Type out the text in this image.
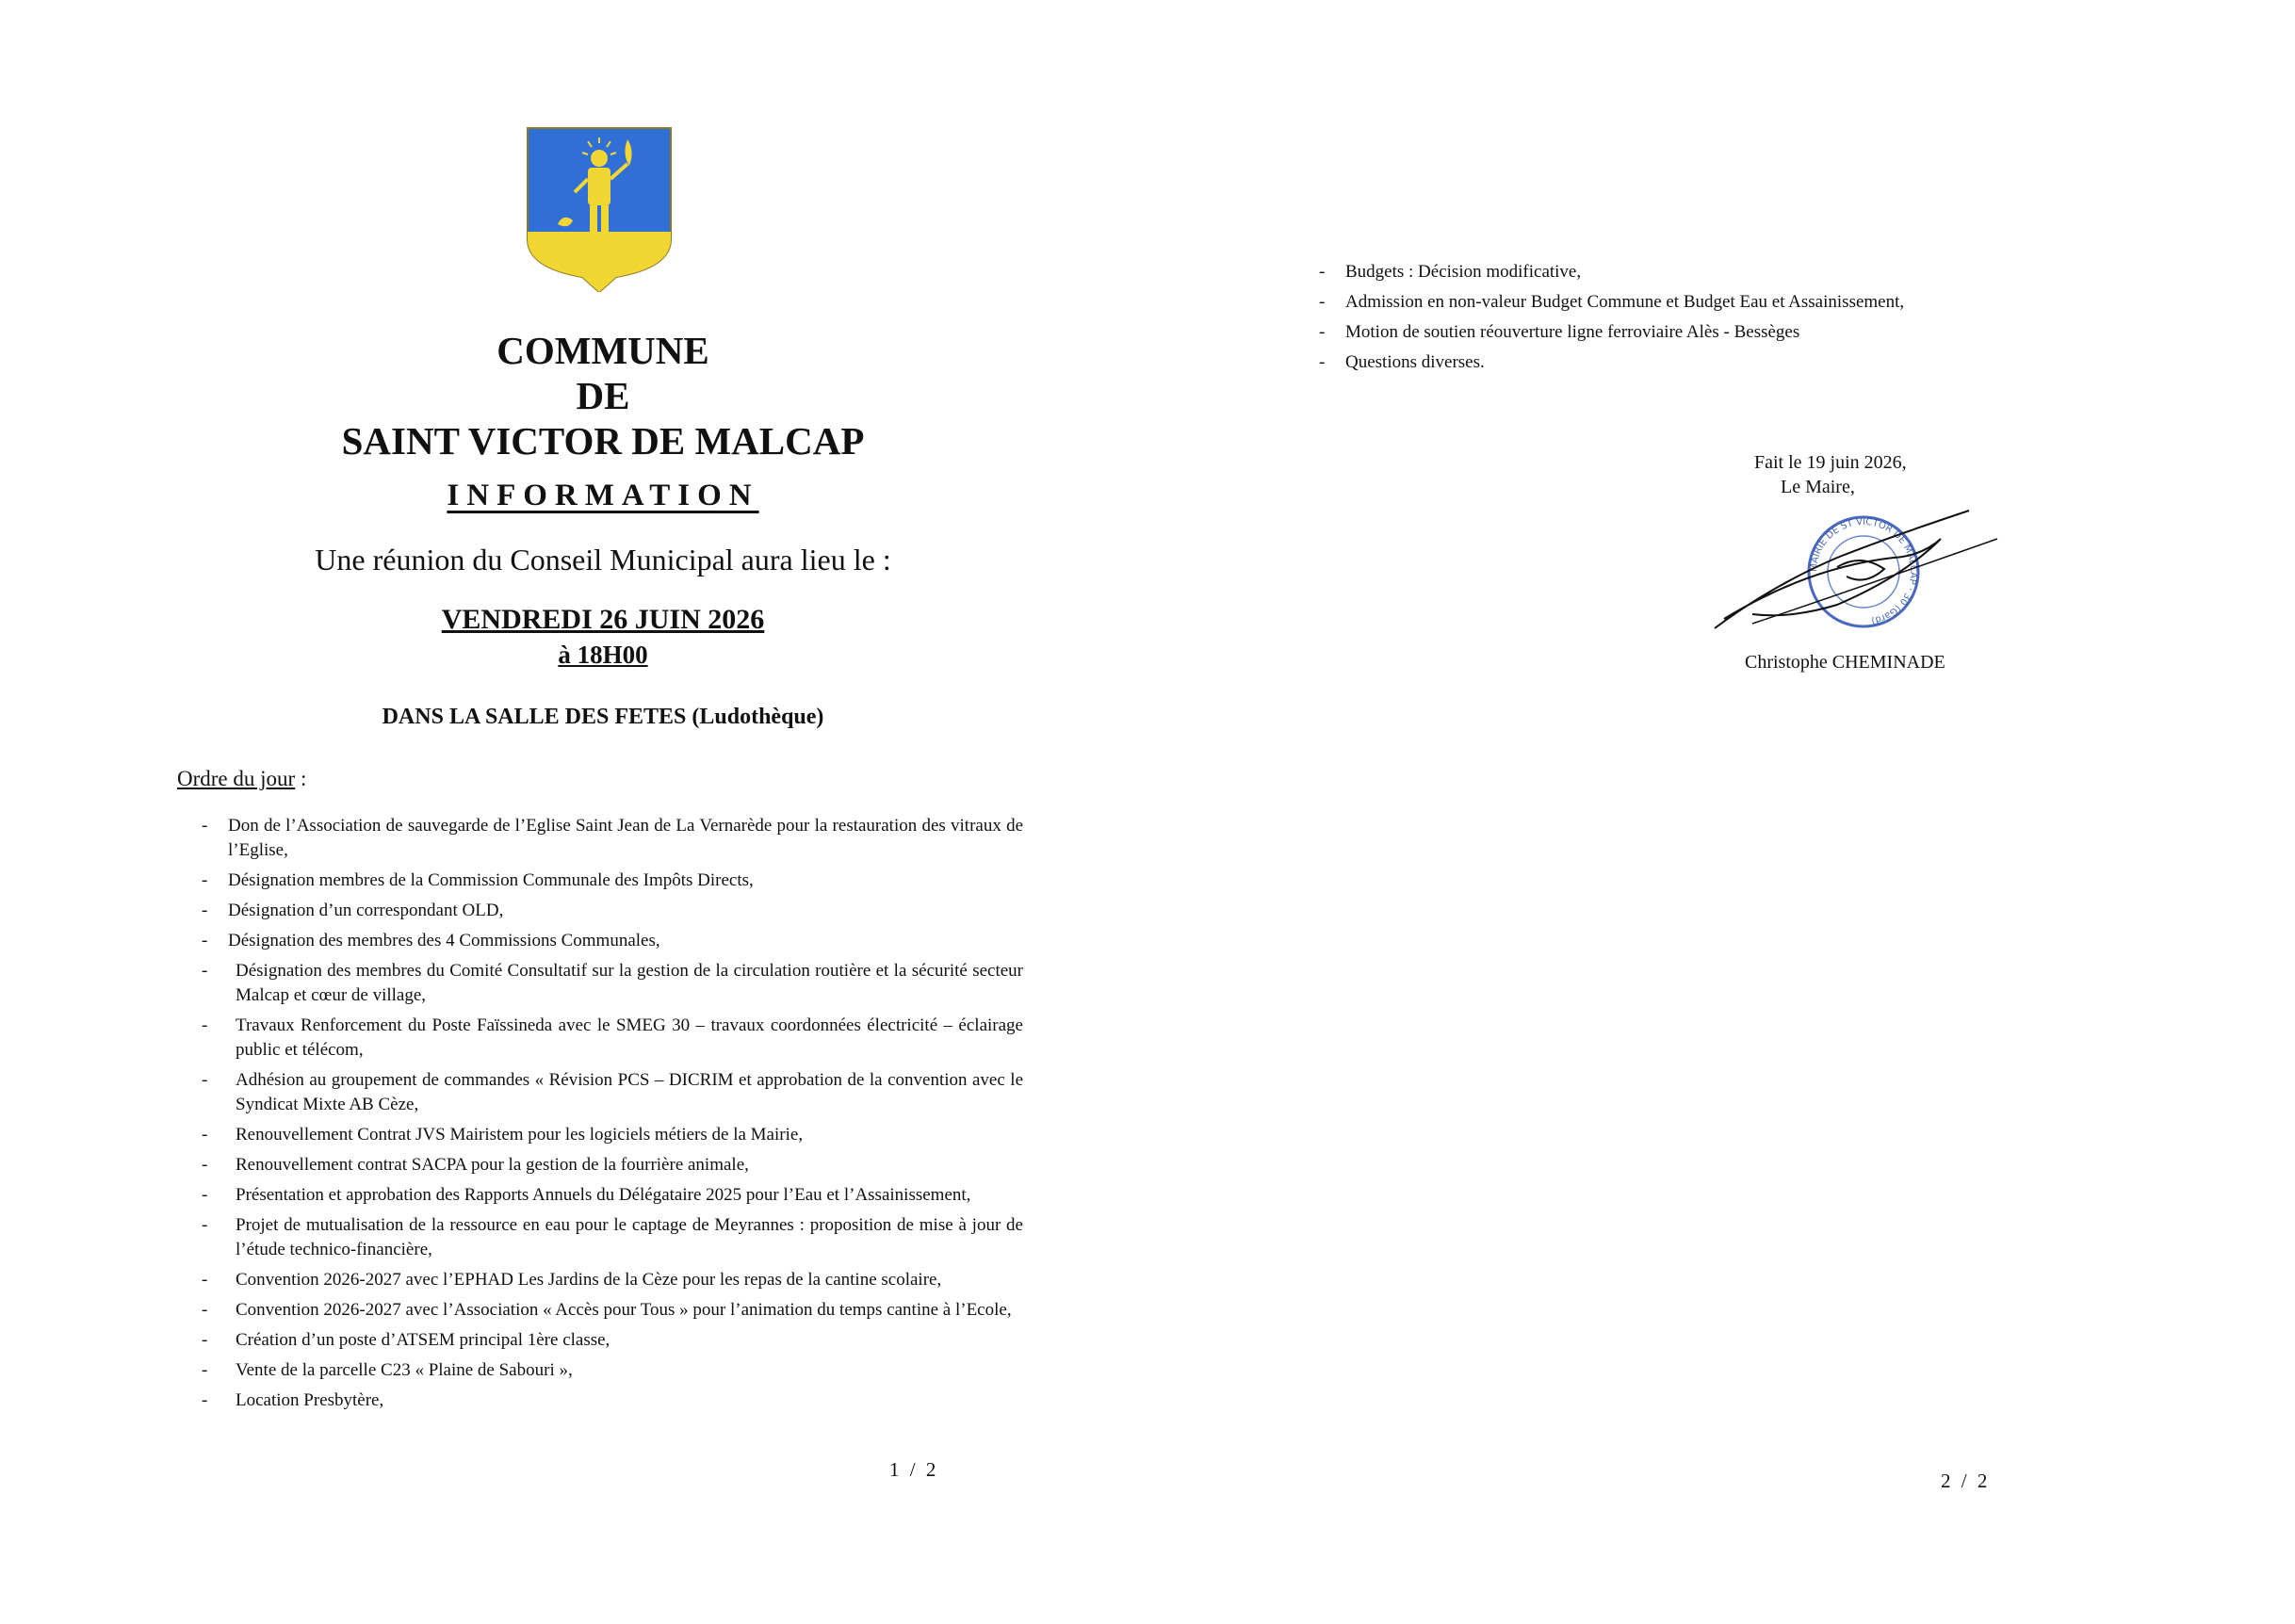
COMMUNE
DE
SAINT VICTOR DE MALCAP
INFORMATION
Une réunion du Conseil Municipal aura lieu le :
VENDREDI 26 JUIN 2026
à 18H00
DANS LA SALLE DES FETES (Ludothèque)
Ordre du jour :
- Don de l’Association de sauvegarde de l’Eglise Saint Jean de La Vernarède pour la restauration des vitraux de l’Eglise,
- Désignation membres de la Commission Communale des Impôts Directs,
- Désignation d’un correspondant OLD,
- Désignation des membres des 4 Commissions Communales,
- Désignation des membres du Comité Consultatif sur la gestion de la circulation routière et la sécurité secteur Malcap et cœur de village,
- Travaux Renforcement du Poste Faïssineda avec le SMEG 30 – travaux coordonnées électricité – éclairage public et télécom,
- Adhésion au groupement de commandes « Révision PCS – DICRIM et approbation de la convention avec le Syndicat Mixte AB Cèze,
- Renouvellement Contrat JVS Mairistem pour les logiciels métiers de la Mairie,
- Renouvellement contrat SACPA pour la gestion de la fourrière animale,
- Présentation et approbation des Rapports Annuels du Délégataire 2025 pour l’Eau et l’Assainissement,
- Projet de mutualisation de la ressource en eau pour le captage de Meyrannes : proposition de mise à jour de l’étude technico-financière,
- Convention 2026-2027 avec l’EPHAD Les Jardins de la Cèze pour les repas de la cantine scolaire,
- Convention 2026-2027 avec l’Association « Accès pour Tous » pour l’animation du temps cantine à l’Ecole,
- Création d’un poste d’ATSEM principal 1ère classe,
- Vente de la parcelle C23 « Plaine de Sabouri »,
- Location Presbytère,
1 / 2
- Budgets : Décision modificative,
- Admission en non-valeur Budget Commune et Budget Eau et Assainissement,
- Motion de soutien réouverture ligne ferroviaire Alès - Bessèges
- Questions diverses.
Fait le 19 juin 2026,
Le Maire,
MAIRIE DE ST VICTOR DE MALCAP · 30 (Gard)
Christophe CHEMINADE
2 / 2
